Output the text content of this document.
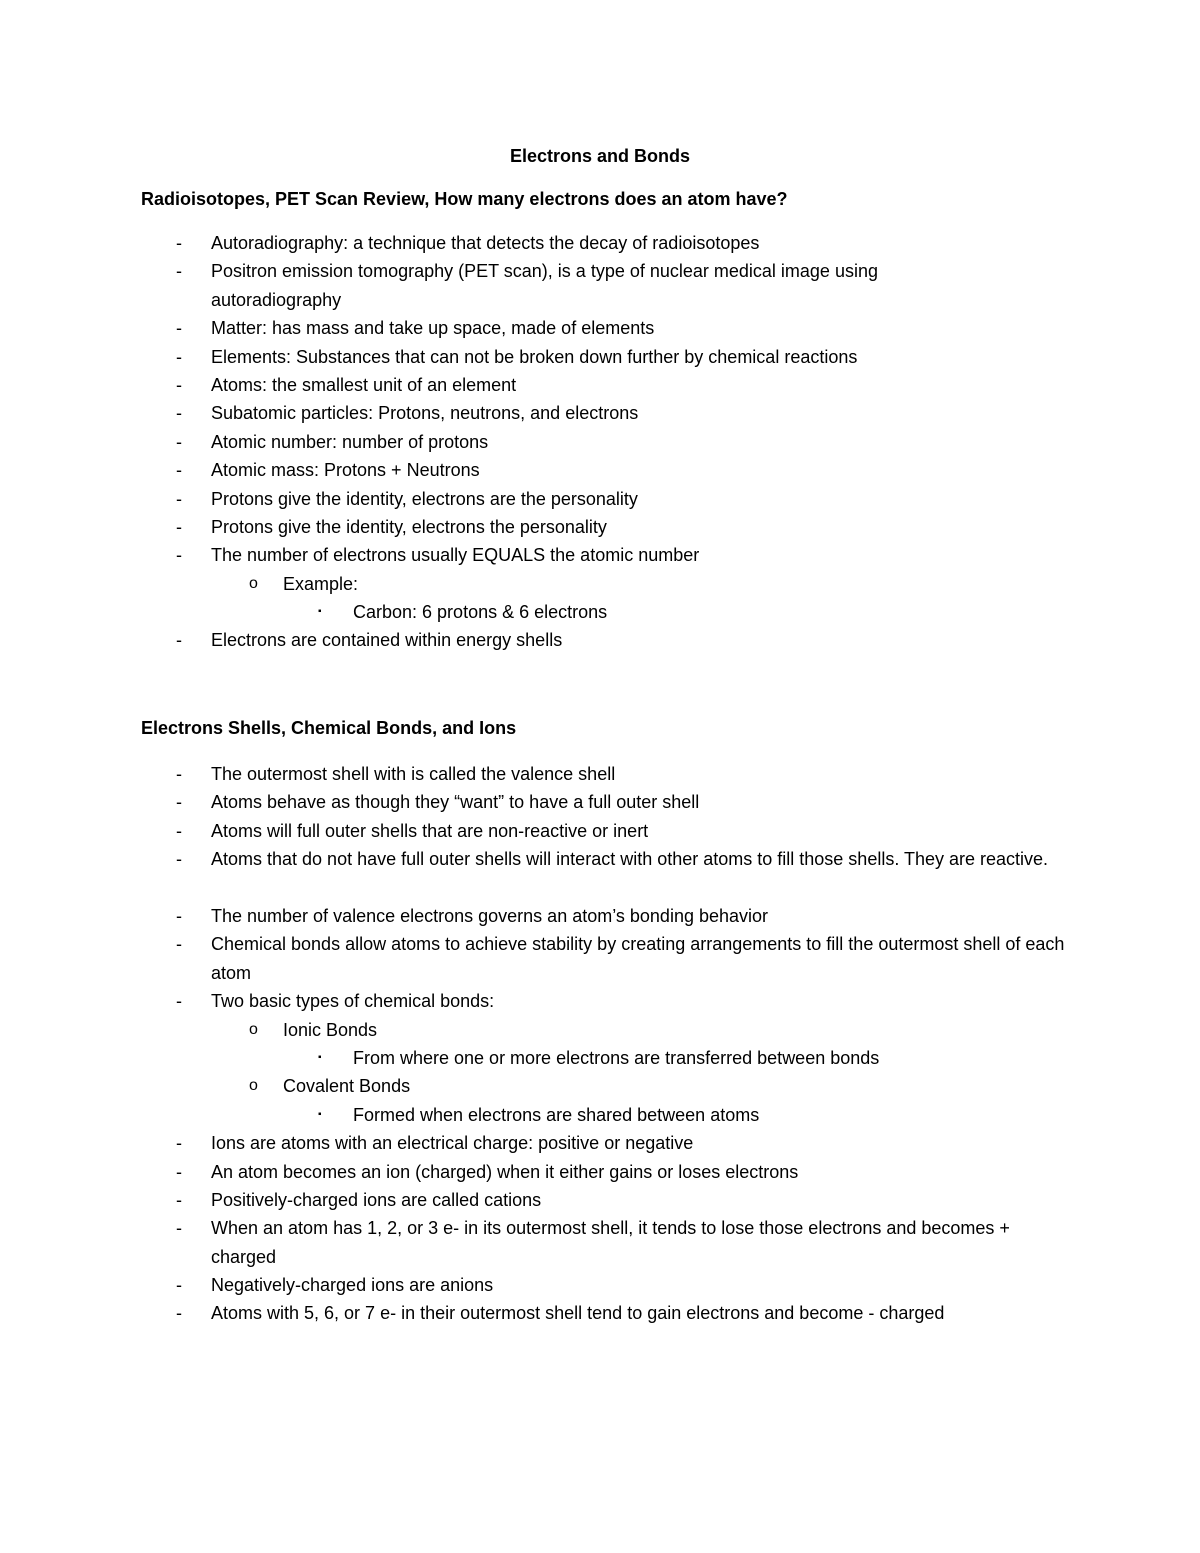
Electrons and Bonds
Radioisotopes, PET Scan Review, How many electrons does an atom have?
- Autoradiography: a technique that detects the decay of radioisotopes
- Positron emission tomography (PET scan), is a type of nuclear medical image using autoradiography
- Matter: has mass and take up space, made of elements
- Elements: Substances that can not be broken down further by chemical reactions
- Atoms: the smallest unit of an element
- Subatomic particles: Protons, neutrons, and electrons
- Atomic number: number of protons
- Atomic mass: Protons + Neutrons
- Protons give the identity, electrons are the personality
- Protons give the identity, electrons the personality
- The number of electrons usually EQUALS the atomic number
o Example:
▪ Carbon: 6 protons & 6 electrons
- Electrons are contained within energy shells
Electrons Shells, Chemical Bonds, and Ions
- The outermost shell with is called the valence shell
- Atoms behave as though they “want” to have a full outer shell
- Atoms will full outer shells that are non-reactive or inert
- Atoms that do not have full outer shells will interact with other atoms to fill those shells. They are reactive.
- The number of valence electrons governs an atom’s bonding behavior
- Chemical bonds allow atoms to achieve stability by creating arrangements to fill the outermost shell of each atom
- Two basic types of chemical bonds:
o Ionic Bonds
▪ From where one or more electrons are transferred between bonds
o Covalent Bonds
▪ Formed when electrons are shared between atoms
- Ions are atoms with an electrical charge: positive or negative
- An atom becomes an ion (charged) when it either gains or loses electrons
- Positively-charged ions are called cations
- When an atom has 1, 2, or 3 e- in its outermost shell, it tends to lose those electrons and becomes + charged
- Negatively-charged ions are anions
- Atoms with 5, 6, or 7 e- in their outermost shell tend to gain electrons and become - charged
